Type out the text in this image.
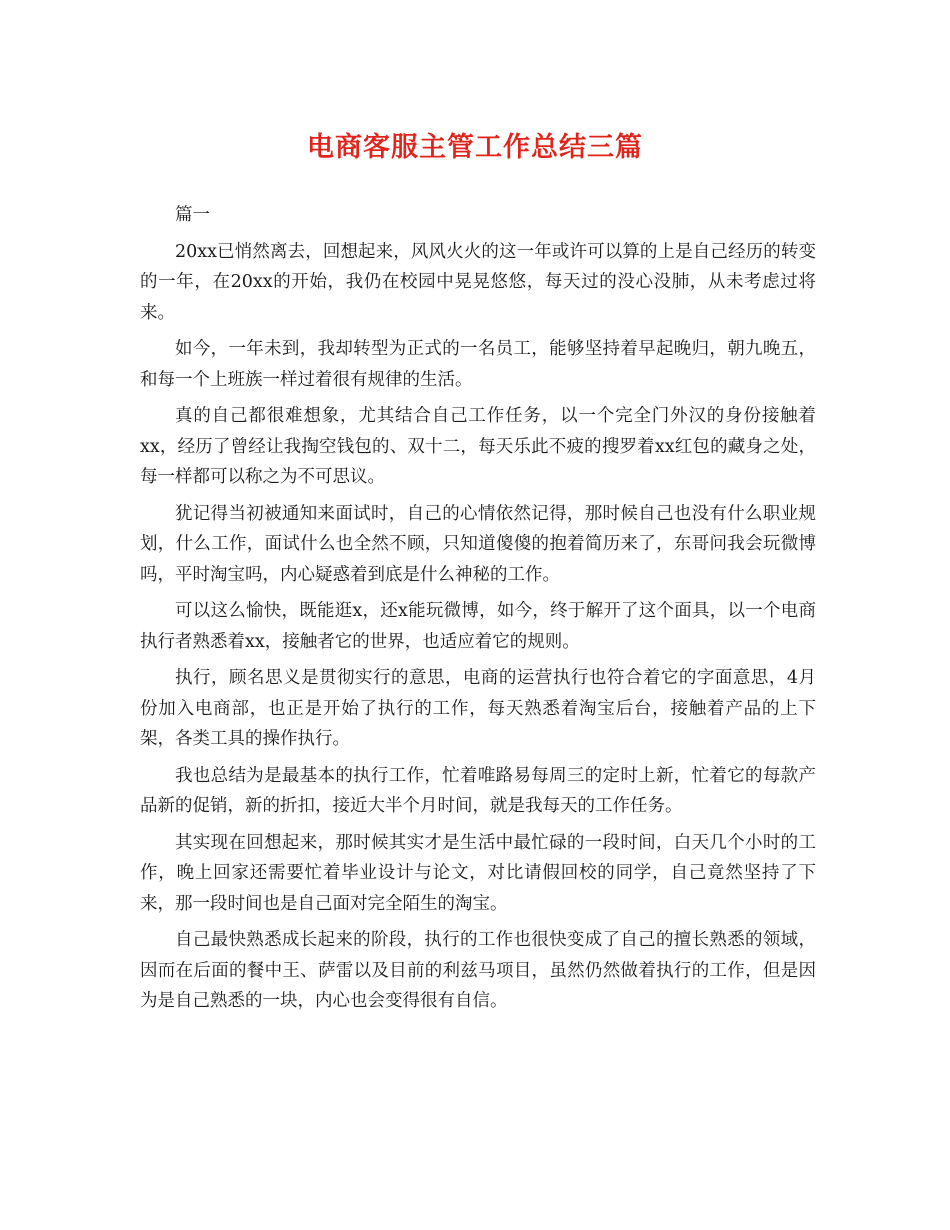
电商客服主管工作总结三篇

篇一

20xx已悄然离去，回想起来，风风火火的这一年或许可以算的上是自己经历的转变的一年，在20xx的开始，我仍在校园中晃晃悠悠，每天过的没心没肺，从未考虑过将来。

如今，一年未到，我却转型为正式的一名员工，能够坚持着早起晚归，朝九晚五，和每一个上班族一样过着很有规律的生活。

真的自己都很难想象，尤其结合自己工作任务，以一个完全门外汉的身份接触着xx，经历了曾经让我掏空钱包的、双十二，每天乐此不疲的搜罗着xx红包的藏身之处，每一样都可以称之为不可思议。

犹记得当初被通知来面试时，自己的心情依然记得，那时候自己也没有什么职业规划，什么工作，面试什么也全然不顾，只知道傻傻的抱着简历来了，东哥问我会玩微博吗，平时淘宝吗，内心疑惑着到底是什么神秘的工作。

可以这么愉快，既能逛x，还x能玩微博，如今，终于解开了这个面具，以一个电商执行者熟悉着xx，接触者它的世界，也适应着它的规则。

执行，顾名思义是贯彻实行的意思，电商的运营执行也符合着它的字面意思，4月份加入电商部，也正是开始了执行的工作，每天熟悉着淘宝后台，接触着产品的上下架，各类工具的操作执行。

我也总结为是最基本的执行工作，忙着唯路易每周三的定时上新，忙着它的每款产品新的促销，新的折扣，接近大半个月时间，就是我每天的工作任务。

其实现在回想起来，那时候其实才是生活中最忙碌的一段时间，白天几个小时的工作，晚上回家还需要忙着毕业设计与论文，对比请假回校的同学，自己竟然坚持了下来，那一段时间也是自己面对完全陌生的淘宝。

自己最快熟悉成长起来的阶段，执行的工作也很快变成了自己的擅长熟悉的领域，因而在后面的餐中王、萨雷以及目前的利兹马项目，虽然仍然做着执行的工作，但是因为是自己熟悉的一块，内心也会变得很有自信。
